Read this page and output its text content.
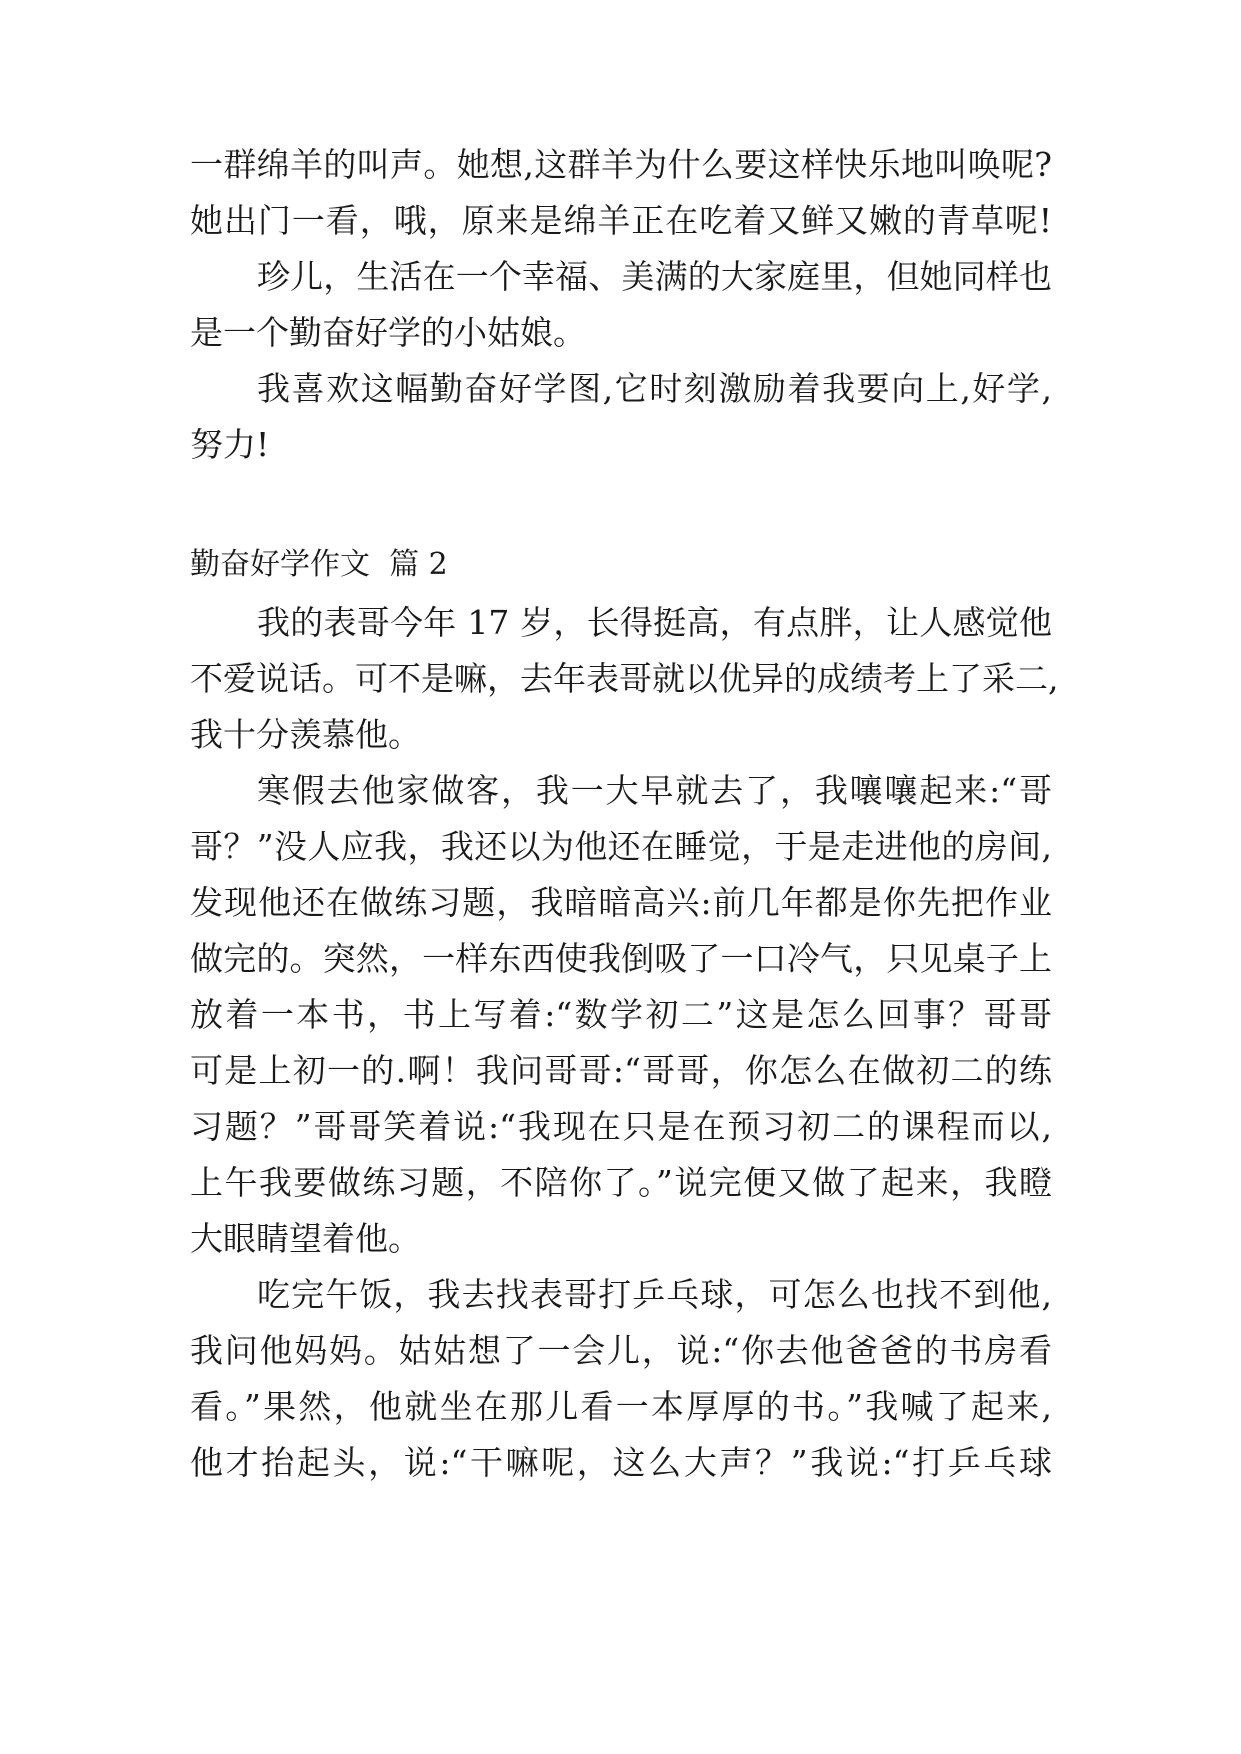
一群绵羊的叫声。她想,这群羊为什么要这样快乐地叫唤呢?
她出门一看，哦，原来是绵羊正在吃着又鲜又嫩的青草呢!
珍儿，生活在一个幸福、美满的大家庭里，但她同样也
是一个勤奋好学的小姑娘。
我喜欢这幅勤奋好学图,它时刻激励着我要向上,好学,
努力!
勤奋好学作文  篇 2
我的表哥今年 17 岁，长得挺高，有点胖，让人感觉他
不爱说话。可不是嘛，去年表哥就以优异的成绩考上了采二,
我十分羡慕他。
寒假去他家做客，我一大早就去了，我嚷嚷起来:“哥
哥？”没人应我，我还以为他还在睡觉，于是走进他的房间,
发现他还在做练习题，我暗暗高兴:前几年都是你先把作业
做完的。突然，一样东西使我倒吸了一口冷气，只见桌子上
放着一本书，书上写着:“数学初二”这是怎么回事？哥哥
可是上初一的.啊！我问哥哥:“哥哥，你怎么在做初二的练
习题？”哥哥笑着说:“我现在只是在预习初二的课程而以,
上午我要做练习题，不陪你了。”说完便又做了起来，我瞪
大眼睛望着他。
吃完午饭，我去找表哥打乒乓球，可怎么也找不到他,
我问他妈妈。姑姑想了一会儿，说:“你去他爸爸的书房看
看。”果然，他就坐在那儿看一本厚厚的书。”我喊了起来,
他才抬起头，说:“干嘛呢，这么大声？”我说:“打乒乓球
